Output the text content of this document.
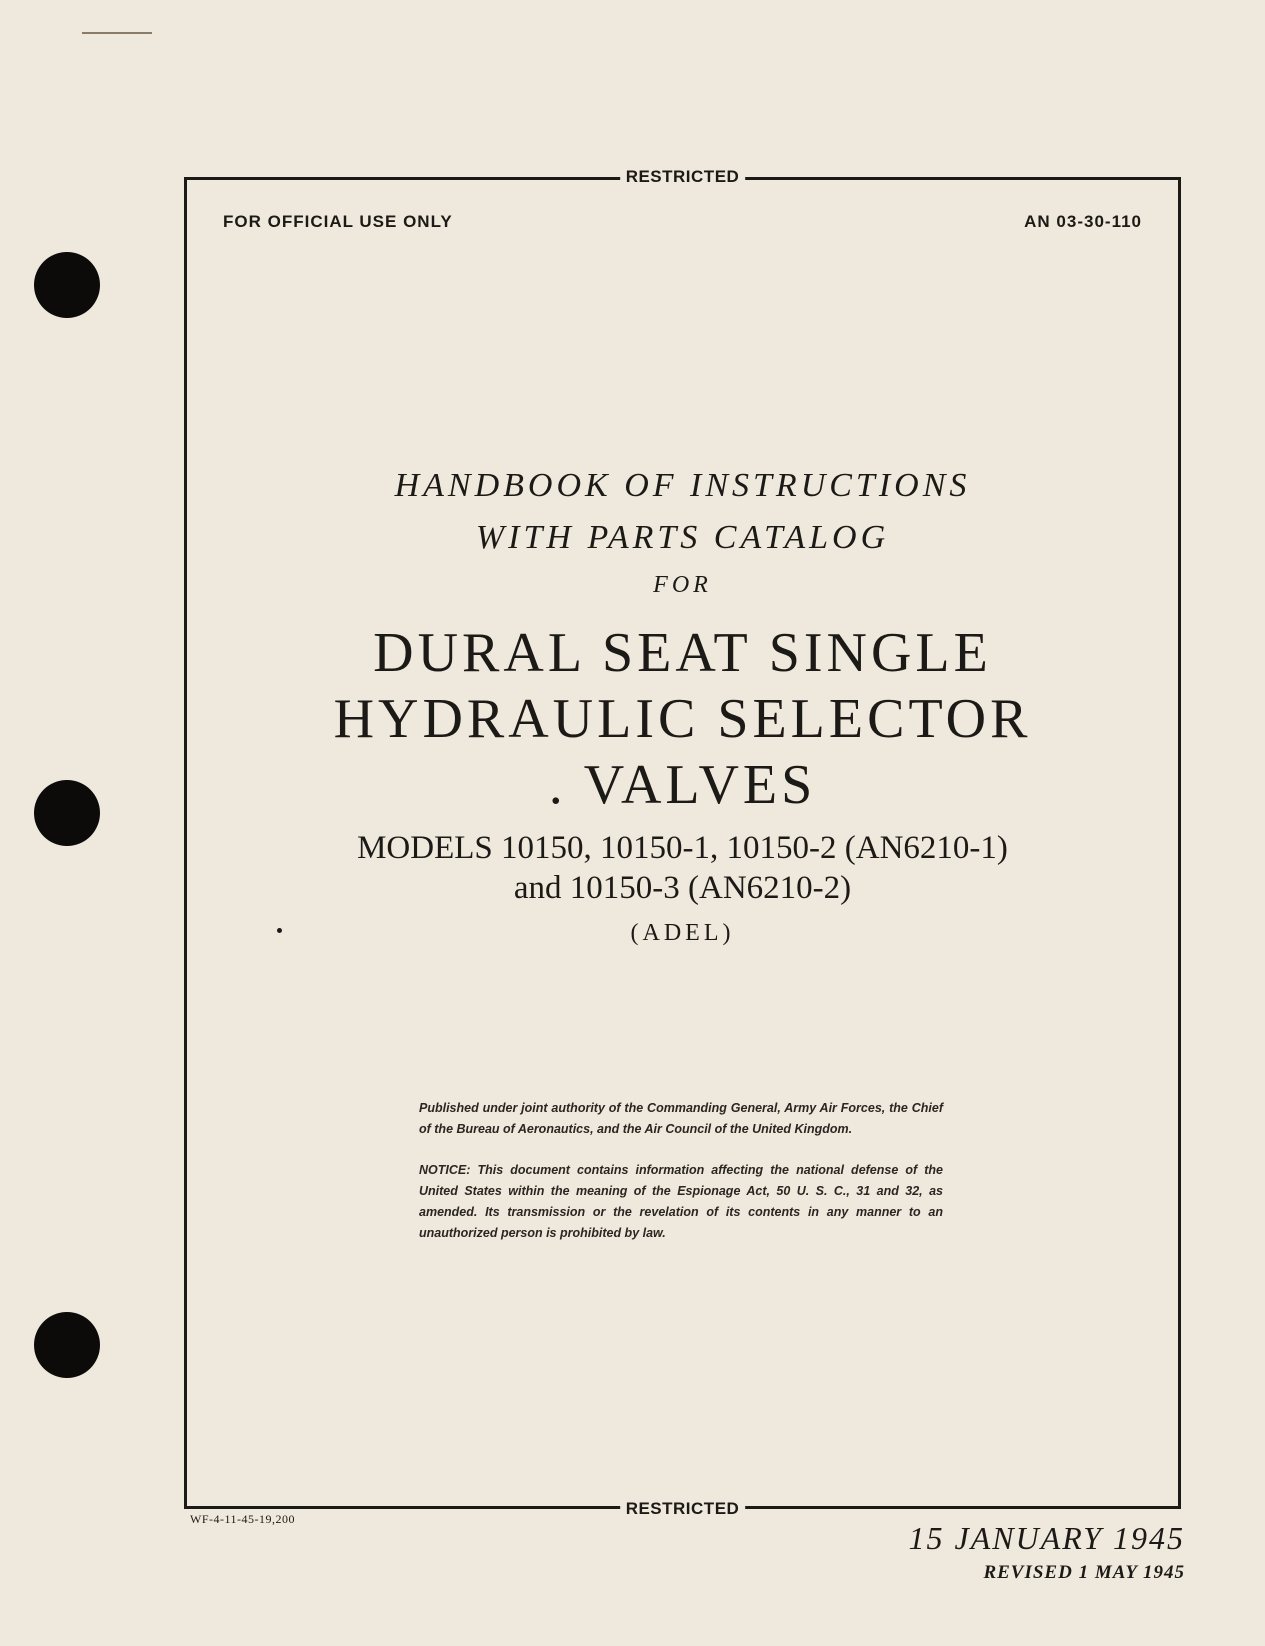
RESTRICTED
FOR OFFICIAL USE ONLY	AN 03-30-110
HANDBOOK OF INSTRUCTIONS
WITH PARTS CATALOG
FOR
DURAL SEAT SINGLE
HYDRAULIC SELECTOR
. VALVES
MODELS 10150, 10150-1, 10150-2 (AN6210-1)
and 10150-3 (AN6210-2)
(ADEL)

Published under joint authority of the Commanding General, Army Air Forces, the Chief of the Bureau of Aeronautics, and the Air Council of the United Kingdom.

NOTICE: This document contains information affecting the national defense of the United States within the meaning of the Espionage Act, 50 U. S. C., 31 and 32, as amended. Its transmission or the revelation of its contents in any manner to an unauthorized person is prohibited by law.

RESTRICTED
WF-4-11-45-19,200
15 JANUARY 1945
REVISED 1 MAY 1945
